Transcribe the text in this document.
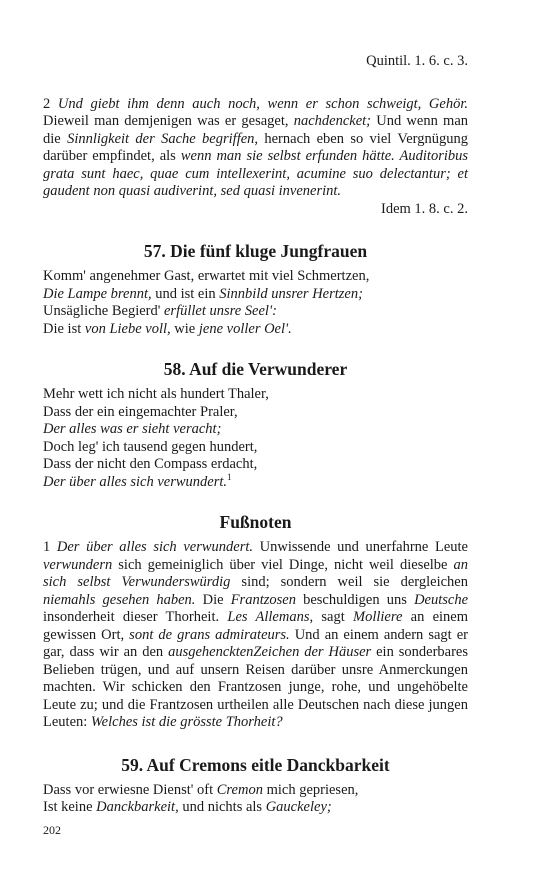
Quintil. 1. 6. c. 3.
2 Und giebt ihm denn auch noch, wenn er schon schweigt, Gehör. Dieweil man demjenigen was er gesaget, nachdencket; Und wenn man die Sinnligkeit der Sache begriffen, hernach eben so viel Vergnügung darüber empfindet, als wenn man sie selbst erfunden hätte. Auditoribus grata sunt haec, quae cum intellexerint, acumine suo delectantur; et gaudent non quasi audiverint, sed quasi invenerint.
Idem 1. 8. c. 2.
57. Die fünf kluge Jungfrauen
Komm' angenehmer Gast, erwartet mit viel Schmertzen,
Die Lampe brennt, und ist ein Sinnbild unsrer Hertzen;
Unsägliche Begierd' erfüllet unsre Seel':
Die ist von Liebe voll, wie jene voller Oel'.
58. Auf die Verwunderer
Mehr wett ich nicht als hundert Thaler,
Dass der ein eingemachter Praler,
Der alles was er sieht veracht;
Doch leg' ich tausend gegen hundert,
Dass der nicht den Compass erdacht,
Der über alles sich verwundert.$^1$
Fußnoten
1 Der über alles sich verwundert. Unwissende und unerfahrne Leute verwundern sich gemeiniglich über viel Dinge, nicht weil dieselbe an sich selbst Verwunderswürdig sind; sondern weil sie dergleichen niemahls gesehen haben. Die Frantzosen beschuldigen uns Deutsche insonderheit dieser Thorheit. Les Allemans, sagt Molliere an einem gewissen Ort, sont de grans admirateurs. Und an einem andern sagt er gar, dass wir an den ausgehencktenZeichen der Häuser ein sonderbares Belieben trügen, und auf unsern Reisen darüber unsre Anmerckungen machten. Wir schicken den Frantzosen junge, rohe, und ungehöbelte Leute zu; und die Frantzosen urtheilen alle Deutschen nach diese jungen Leuten: Welches ist die grösste Thorheit?
59. Auf Cremons eitle Danckbarkeit
Dass vor erwiesne Dienst' oft Cremon mich gepriesen,
Ist keine Danckbarkeit, und nichts als Gauckeley;
202
